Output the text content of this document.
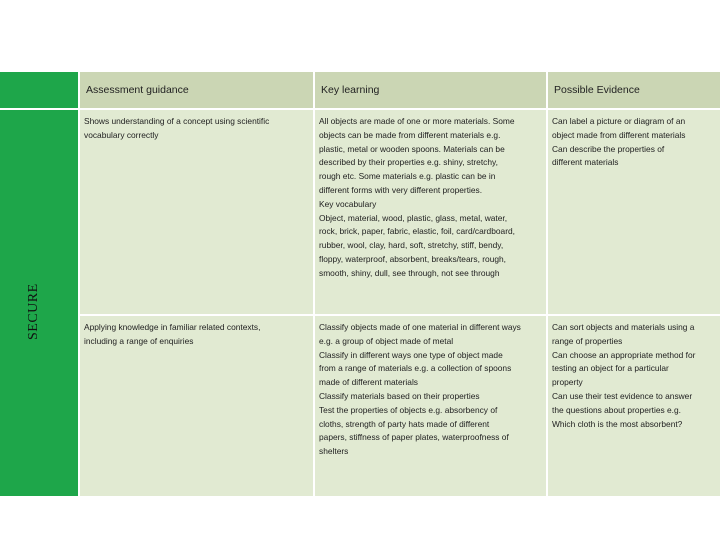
SECURE
Assessment guidance	Key learning	Possible Evidence
Shows understanding of a concept using scientific
vocabulary correctly
All objects are made of one or more materials. Some
objects can be made from different materials e.g.
plastic, metal or wooden spoons. Materials can be
described by their properties e.g. shiny, stretchy,
rough etc. Some materials e.g. plastic can be in
different forms with very different properties.
Key vocabulary
Object, material, wood, plastic, glass, metal, water,
rock, brick, paper, fabric, elastic, foil, card/cardboard,
rubber, wool, clay, hard, soft, stretchy, stiff, bendy,
floppy, waterproof, absorbent, breaks/tears, rough,
smooth, shiny, dull, see through, not see through
Can label a picture or diagram of an
object made from different materials
Can describe the properties of
different materials
Applying knowledge in familiar related contexts,
including a range of enquiries
Classify objects made of one material in different ways
e.g. a group of object made of metal
Classify in different ways one type of object made
from a range of materials e.g. a collection of spoons
made of different materials
Classify materials based on their properties
Test the properties of objects e.g. absorbency of
cloths, strength of party hats made of different
papers, stiffness of paper plates, waterproofness of
shelters
Can sort objects and materials using a
range of properties
Can choose an appropriate method for
testing an object for a particular
property
Can use their test evidence to answer
the questions about properties e.g.
Which cloth is the most absorbent?
